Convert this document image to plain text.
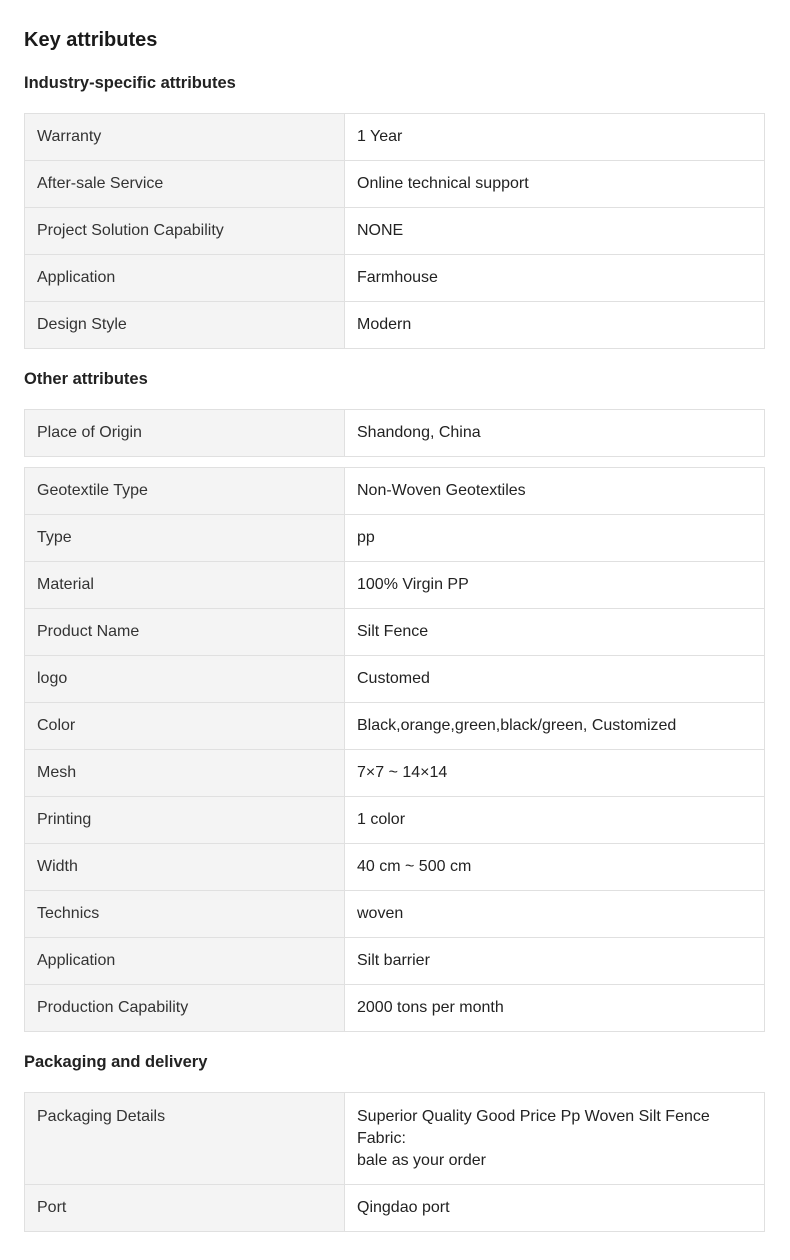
Key attributes
Industry-specific attributes
Warranty	1 Year
After-sale Service	Online technical support
Project Solution Capability	NONE
Application	Farmhouse
Design Style	Modern
Other attributes
Place of Origin	Shandong, China
Geotextile Type	Non-Woven Geotextiles
Type	pp
Material	100% Virgin PP
Product Name	Silt Fence
logo	Customed
Color	Black,orange,green,black/green, Customized
Mesh	7×7 ~ 14×14
Printing	1 color
Width	40 cm ~ 500 cm
Technics	woven
Application	Silt barrier
Production Capability	2000 tons per month
Packaging and delivery
Packaging Details	Superior Quality Good Price Pp Woven Silt Fence
Fabric:
bale as your order

Port	Qingdao port
